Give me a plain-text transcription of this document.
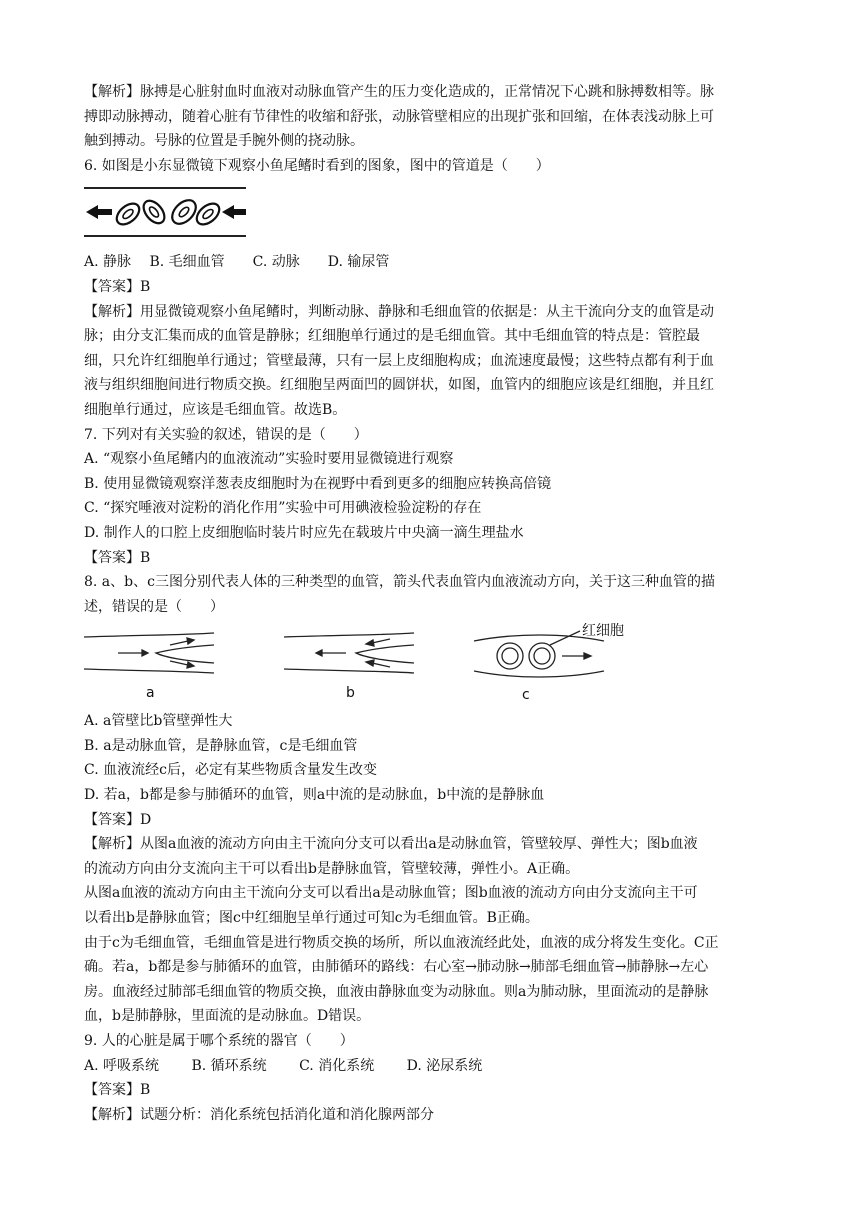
【解析】脉搏是心脏射血时血液对动脉血管产生的压力变化造成的，正常情况下心跳和脉搏数相等。脉
搏即动脉搏动，随着心脏有节律性的收缩和舒张，动脉管壁相应的出现扩张和回缩，在体表浅动脉上可
触到搏动。号脉的位置是手腕外侧的挠动脉。

6. 如图是小东显微镜下观察小鱼尾鳍时看到的图象，图中的管道是（　　）

A. 静脉　 B. 毛细血管　　C. 动脉　　D. 输尿管

【答案】B

【解析】用显微镜观察小鱼尾鳍时，判断动脉、静脉和毛细血管的依据是：从主干流向分支的血管是动
脉；由分支汇集而成的血管是静脉；红细胞单行通过的是毛细血管。其中毛细血管的特点是：管腔最
细，只允许红细胞单行通过；管壁最薄，只有一层上皮细胞构成；血流速度最慢；这些特点都有利于血
液与组织细胞间进行物质交换。红细胞呈两面凹的圆饼状，如图，血管内的细胞应该是红细胞，并且红
细胞单行通过，应该是毛细血管。故选B。

7. 下列对有关实验的叙述，错误的是（　　）

A. “观察小鱼尾鳍内的血液流动”实验时要用显微镜进行观察
B. 使用显微镜观察洋葱表皮细胞时为在视野中看到更多的细胞应转换高倍镜
C. “探究唾液对淀粉的消化作用”实验中可用碘液检验淀粉的存在
D. 制作人的口腔上皮细胞临时装片时应先在载玻片中央滴一滴生理盐水

【答案】B

8. a、b、c三图分别代表人体的三种类型的血管，箭头代表血管内血液流动方向，关于这三种血管的描
述，错误的是（　　）

a	b
红细胞
c

A. a管壁比b管壁弹性大
B. a是动脉血管，是静脉血管，c是毛细血管
C. 血液流经c后，必定有某些物质含量发生改变
D. 若a，b都是参与肺循环的血管，则a中流的是动脉血，b中流的是静脉血

【答案】D

【解析】从图a血液的流动方向由主干流向分支可以看出a是动脉血管，管壁较厚、弹性大；图b血液
的流动方向由分支流向主干可以看出b是静脉血管，管壁较薄，弹性小。A正确。
从图a血液的流动方向由主干流向分支可以看出a是动脉血管；图b血液的流动方向由分支流向主干可
以看出b是静脉血管；图c中红细胞呈单行通过可知c为毛细血管。B正确。
由于c为毛细血管，毛细血管是进行物质交换的场所，所以血液流经此处，血液的成分将发生变化。C正
确。若a，b都是参与肺循环的血管，由肺循环的路线：右心室→肺动脉→肺部毛细血管→肺静脉→左心
房。血液经过肺部毛细血管的物质交换，血液由静脉血变为动脉血。则a为肺动脉，里面流动的是静脉
血，b是肺静脉，里面流的是动脉血。D错误。

9. 人的心脏是属于哪个系统的器官（　　）

A. 呼吸系统　　 B. 循环系统　　 C. 消化系统　　 D. 泌尿系统

【答案】B

【解析】试题分析：消化系统包括消化道和消化腺两部分
